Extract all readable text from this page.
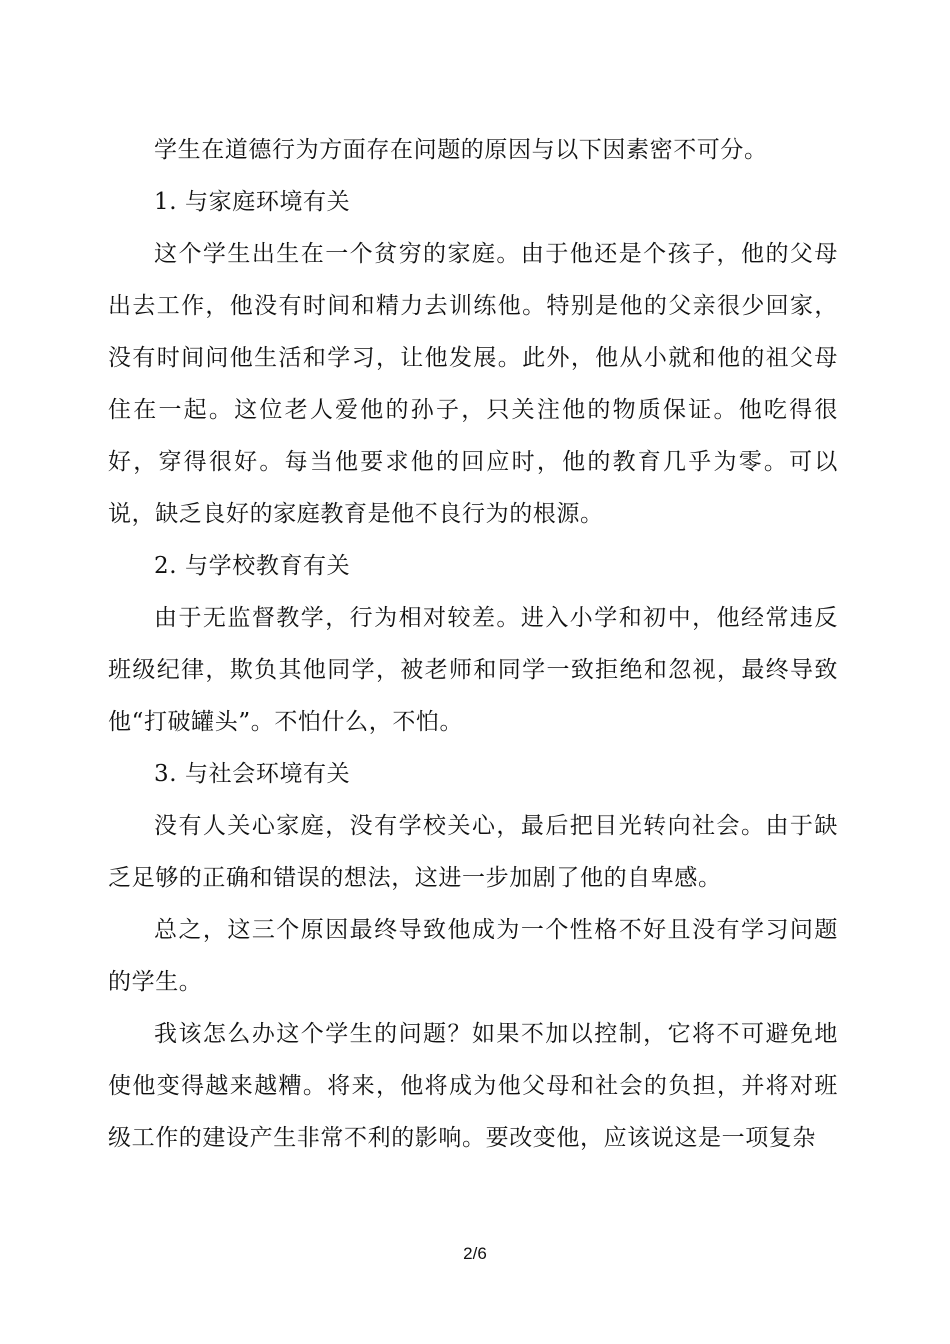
学生在道德行为方面存在问题的原因与以下因素密不可分。

1. 与家庭环境有关

这个学生出生在一个贫穷的家庭。由于他还是个孩子，他的父母出去工作，他没有时间和精力去训练他。特别是他的父亲很少回家，没有时间问他生活和学习，让他发展。此外，他从小就和他的祖父母住在一起。这位老人爱他的孙子，只关注他的物质保证。他吃得很好，穿得很好。每当他要求他的回应时，他的教育几乎为零。可以说，缺乏良好的家庭教育是他不良行为的根源。

2. 与学校教育有关

由于无监督教学，行为相对较差。进入小学和初中，他经常违反班级纪律，欺负其他同学，被老师和同学一致拒绝和忽视，最终导致他“打破罐头”。不怕什么，不怕。

3. 与社会环境有关

没有人关心家庭，没有学校关心，最后把目光转向社会。由于缺乏足够的正确和错误的想法，这进一步加剧了他的自卑感。

总之，这三个原因最终导致他成为一个性格不好且没有学习问题的学生。

我该怎么办这个学生的问题？如果不加以控制，它将不可避免地使他变得越来越糟。将来，他将成为他父母和社会的负担，并将对班级工作的建设产生非常不利的影响。要改变他，应该说这是一项复杂

2/6
